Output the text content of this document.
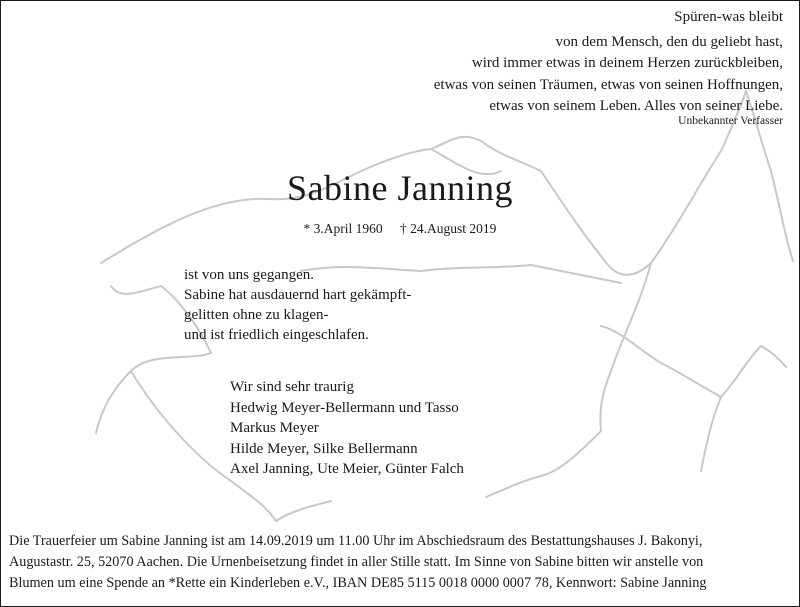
Spüren-was bleibt
von dem Mensch, den du geliebt hast,
wird immer etwas in deinem Herzen zurückbleiben,
etwas von seinen Träumen, etwas von seinen Hoffnungen,
etwas von seinem Leben. Alles von seiner Liebe.
Unbekannter Verfasser
Sabine Janning
* 3.April 1960 † 24.August 2019
ist von uns gegangen.
Sabine hat ausdauernd hart gekämpft-
gelitten ohne zu klagen-
und ist friedlich eingeschlafen.
Wir sind sehr traurig
Hedwig Meyer-Bellermann und Tasso
Markus Meyer
Hilde Meyer, Silke Bellermann
Axel Janning, Ute Meier, Günter Falch
Die Trauerfeier um Sabine Janning ist am 14.09.2019 um 11.00 Uhr im Abschiedsraum des Bestattungshauses J. Bakonyi,
Augustastr. 25, 52070 Aachen. Die Urnenbeisetzung findet in aller Stille statt. Im Sinne von Sabine bitten wir anstelle von
Blumen um eine Spende an *Rette ein Kinderleben e.V., IBAN DE85 5115 0018 0000 0007 78, Kennwort: Sabine Janning
